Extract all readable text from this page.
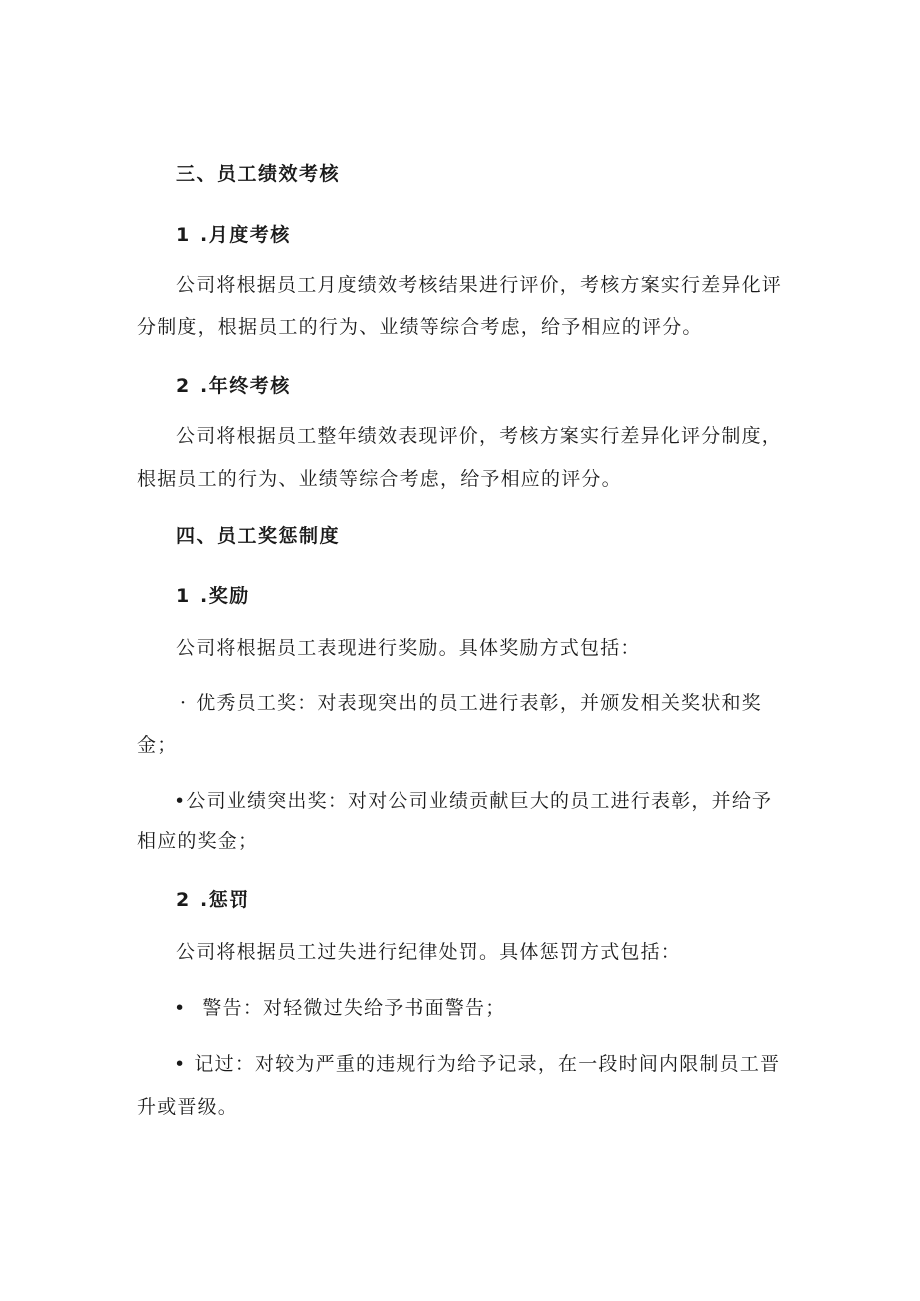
三、员工绩效考核
1 .月度考核
公司将根据员工月度绩效考核结果进行评价，考核方案实行差异化评
分制度，根据员工的行为、业绩等综合考虑，给予相应的评分。
2 .年终考核
公司将根据员工整年绩效表现评价，考核方案实行差异化评分制度，
根据员工的行为、业绩等综合考虑，给予相应的评分。
四、员工奖惩制度
1 .奖励
公司将根据员工表现进行奖励。具体奖励方式包括：
· 优秀员工奖：对表现突出的员工进行表彰，并颁发相关奖状和奖
金；
•公司业绩突出奖：对对公司业绩贡献巨大的员工进行表彰，并给予
相应的奖金；
2 .惩罚
公司将根据员工过失进行纪律处罚。具体惩罚方式包括：
• 警告：对轻微过失给予书面警告；
• 记过：对较为严重的违规行为给予记录，在一段时间内限制员工晋
升或晋级。
